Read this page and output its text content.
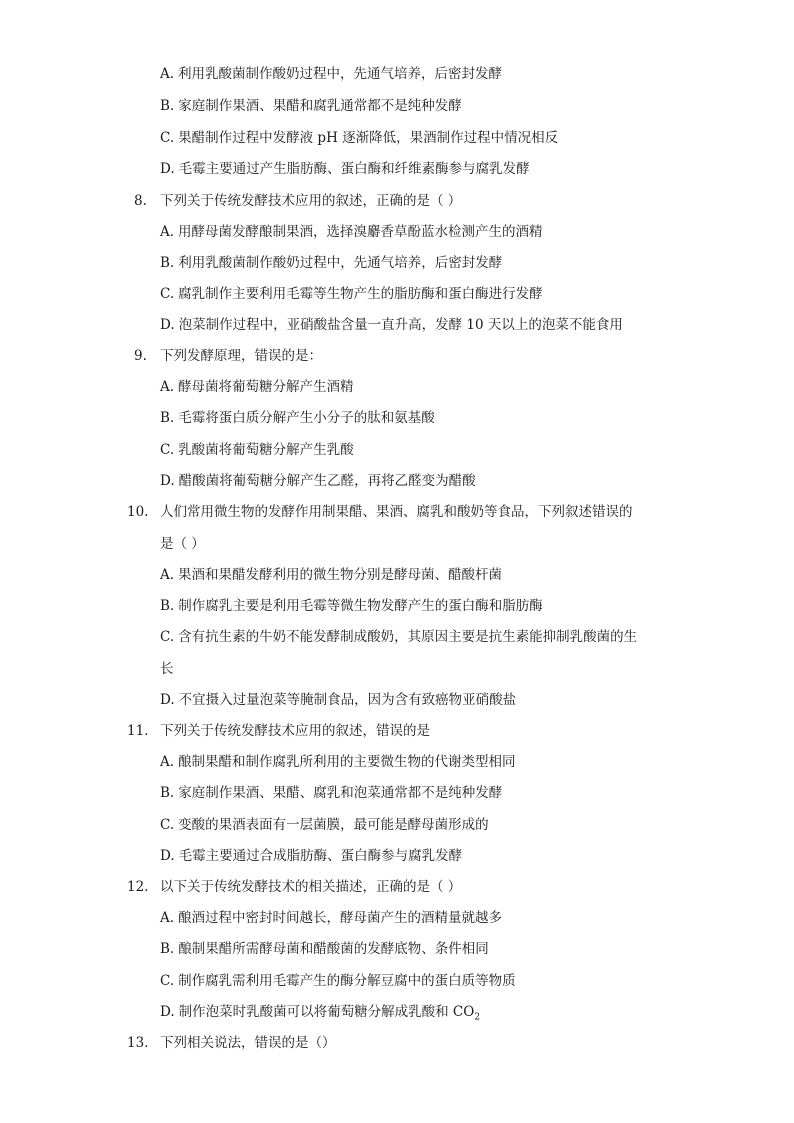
A. 利用乳酸菌制作酸奶过程中，先通气培养，后密封发酵
B. 家庭制作果酒、果醋和腐乳通常都不是纯种发酵
C. 果醋制作过程中发酵液 pH 逐渐降低，果酒制作过程中情况相反
D. 毛霉主要通过产生脂肪酶、蛋白酶和纤维素酶参与腐乳发酵
8. 下列关于传统发酵技术应用的叙述，正确的是（ ）
A. 用酵母菌发酵酿制果酒，选择溴麝香草酚蓝水检测产生的酒精
B. 利用乳酸菌制作酸奶过程中，先通气培养，后密封发酵
C. 腐乳制作主要利用毛霉等生物产生的脂肪酶和蛋白酶进行发酵
D. 泡菜制作过程中，亚硝酸盐含量一直升高，发酵 10 天以上的泡菜不能食用
9. 下列发酵原理，错误的是：
A. 酵母菌将葡萄糖分解产生酒精
B. 毛霉将蛋白质分解产生小分子的肽和氨基酸
C. 乳酸菌将葡萄糖分解产生乳酸
D. 醋酸菌将葡萄糖分解产生乙醛，再将乙醛变为醋酸
10. 人们常用微生物的发酵作用制果醋、果酒、腐乳和酸奶等食品，下列叙述错误的
是（ ）
A. 果酒和果醋发酵利用的微生物分别是酵母菌、醋酸杆菌
B. 制作腐乳主要是利用毛霉等微生物发酵产生的蛋白酶和脂肪酶
C. 含有抗生素的牛奶不能发酵制成酸奶，其原因主要是抗生素能抑制乳酸菌的生
长
D. 不宜摄入过量泡菜等腌制食品，因为含有致癌物亚硝酸盐
11. 下列关于传统发酵技术应用的叙述，错误的是
A. 酿制果醋和制作腐乳所利用的主要微生物的代谢类型相同
B. 家庭制作果酒、果醋、腐乳和泡菜通常都不是纯种发酵
C. 变酸的果酒表面有一层菌膜，最可能是酵母菌形成的
D. 毛霉主要通过合成脂肪酶、蛋白酶参与腐乳发酵
12. 以下关于传统发酵技术的相关描述，正确的是（ ）
A. 酿酒过程中密封时间越长，酵母菌产生的酒精量就越多
B. 酿制果醋所需酵母菌和醋酸菌的发酵底物、条件相同
C. 制作腐乳需利用毛霉产生的酶分解豆腐中的蛋白质等物质
D. 制作泡菜时乳酸菌可以将葡萄糖分解成乳酸和 $CO_2$
13. 下列相关说法，错误的是（）
